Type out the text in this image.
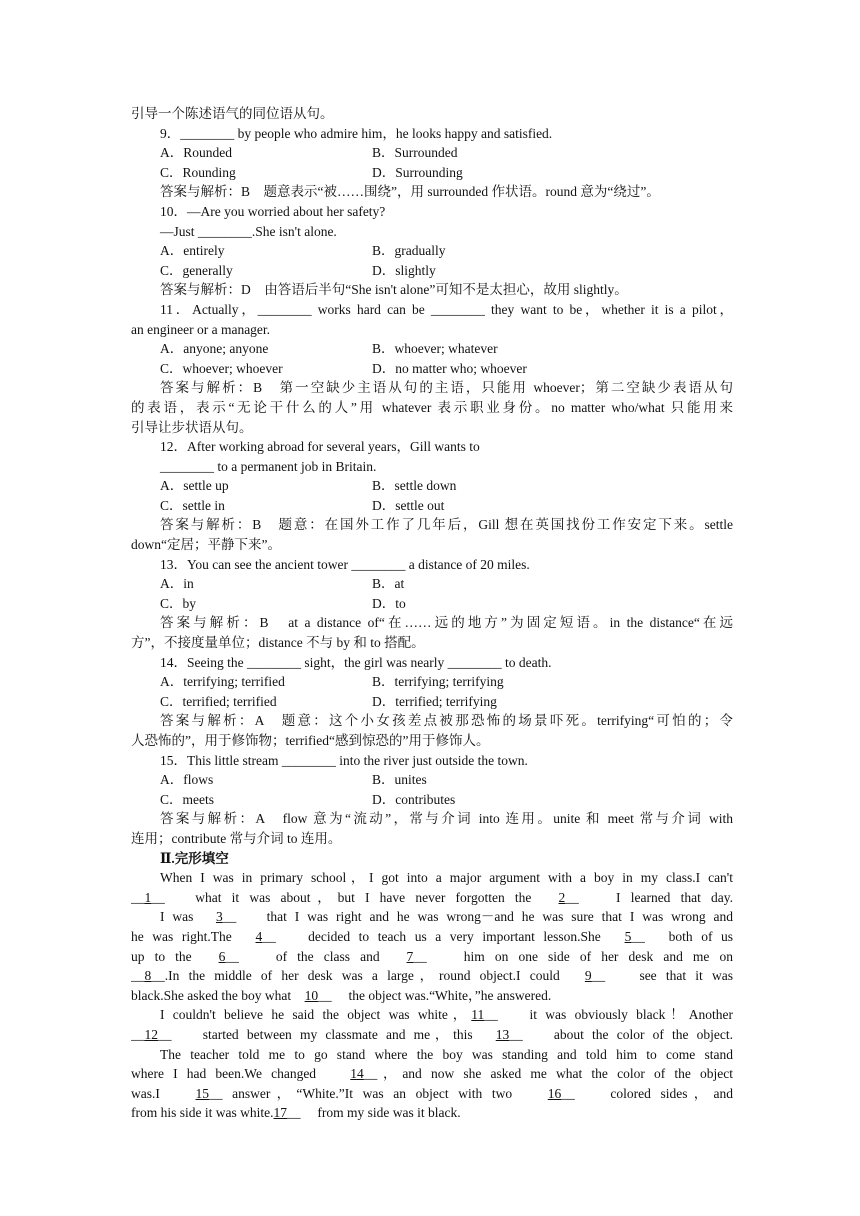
引导一个陈述语气的同位语从句。
9．________ by people who admire him，he looks happy and satisfied.
A．Rounded	B．Surrounded
C．Rounding	D．Surrounding
答案与解析：B　题意表示“被……围绕”，用 surrounded 作状语。round 意为“绕过”。
10．—Are you worried about her safety?
—Just ________.She isn't alone.
A．entirely	B．gradually
C．generally	D．slightly
答案与解析：D　由答语后半句“She isn't alone”可知不是太担心，故用 slightly。
11．Actually，________ works hard can be ________ they want to be，whether it is a pilot，
an engineer or a manager.
A．anyone; anyone	B．whoever; whatever
C．whoever; whoever	D．no matter who; whoever
答案与解析：B　第一空缺少主语从句的主语，只能用 whoever；第二空缺少表语从句
的表语，表示“无论干什么的人”用 whatever 表示职业身份。no matter who/what 只能用来
引导让步状语从句。
12．After working abroad for several years，Gill wants to
________ to a permanent job in Britain.
A．settle up	B．settle down
C．settle in	D．settle out
答案与解析：B　题意：在国外工作了几年后，Gill 想在英国找份工作安定下来。settle
down“定居；平静下来”。
13．You can see the ancient tower ________ a distance of 20 miles.
A．in	B．at
C．by	D．to
答案与解析：B　at a distance of“在……远的地方”为固定短语。in the distance“在远
方”，不接度量单位；distance 不与 by 和 to 搭配。
14．Seeing the ________ sight，the girl was nearly ________ to death.
A．terrifying; terrified	B．terrifying; terrifying
C．terrified; terrified	D．terrified; terrifying
答案与解析：A　题意：这个小女孩差点被那恐怖的场景吓死。terrifying“可怕的；令
人恐怖的”，用于修饰物；terrified“感到惊恐的”用于修饰人。
15．This little stream ________ into the river just outside the town.
A．flows	B．unites
C．meets	D．contributes
答案与解析：A　flow 意为“流动”，常与介词 into 连用。unite 和 meet 常与介词 with
连用；contribute 常与介词 to 连用。
Ⅱ.完形填空
When I was in primary school，I got into a major argument with a boy in my class.I can't
__1__ 　what it was about，but I have never forgotten the　2__　 I learned that day.
I was　3__　 that I was right and he was wrong－and he was sure that I was wrong and
he was right.The　4__　 decided to teach us a very important lesson.She　5__　both of us
up to the　6__　 of the class and　7__　 him on one side of her desk and me on
__8__.In the middle of her desk was a large，round object.I could　9__　 see that it was
black.She asked the boy what　10__　 the object was.“White，”he answered.
I couldn't believe he said the object was white，11__　 it was obviously black！Another
__12__　 started between my classmate and me，this　13__　 about the color of the object.
The teacher told me to go stand where the boy was standing and told him to come stand
where I had been.We changed　 14__，and now she asked me what the color of the object
was.I　 15__ answer，“White.”It was an object with two　 16__　 colored sides，and
from his side it was white.17__　 from my side was it black.
